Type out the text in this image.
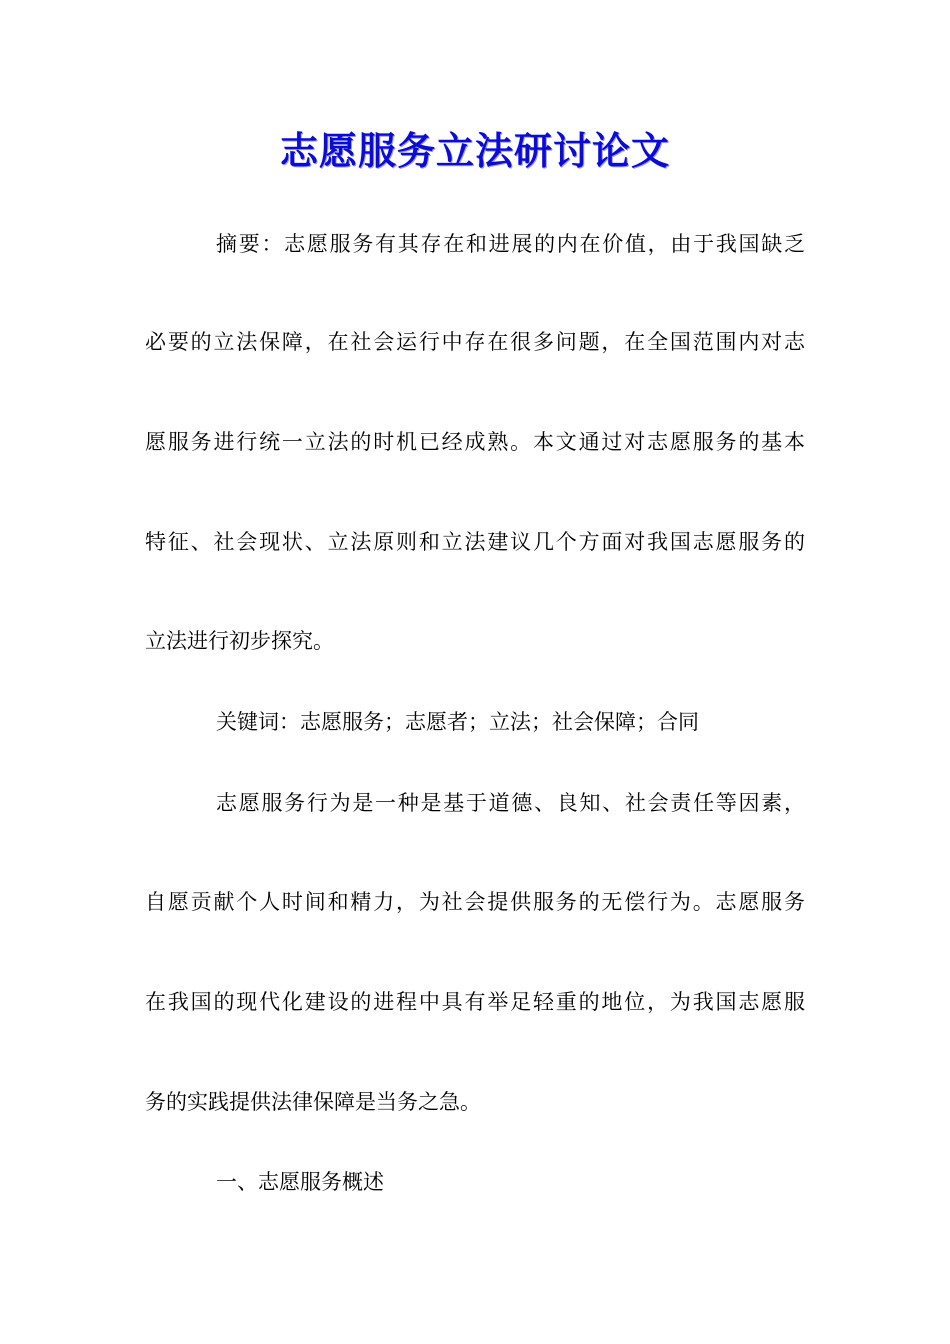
志愿服务立法研讨论文
摘要：志愿服务有其存在和进展的内在价值，由于我国缺乏
必要的立法保障，在社会运行中存在很多问题，在全国范围内对志
愿服务进行统一立法的时机已经成熟。本文通过对志愿服务的基本
特征、社会现状、立法原则和立法建议几个方面对我国志愿服务的
立法进行初步探究。
关键词：志愿服务；志愿者；立法；社会保障；合同
志愿服务行为是一种是基于道德、良知、社会责任等因素，
自愿贡献个人时间和精力，为社会提供服务的无偿行为。志愿服务
在我国的现代化建设的进程中具有举足轻重的地位，为我国志愿服
务的实践提供法律保障是当务之急。
一、志愿服务概述
